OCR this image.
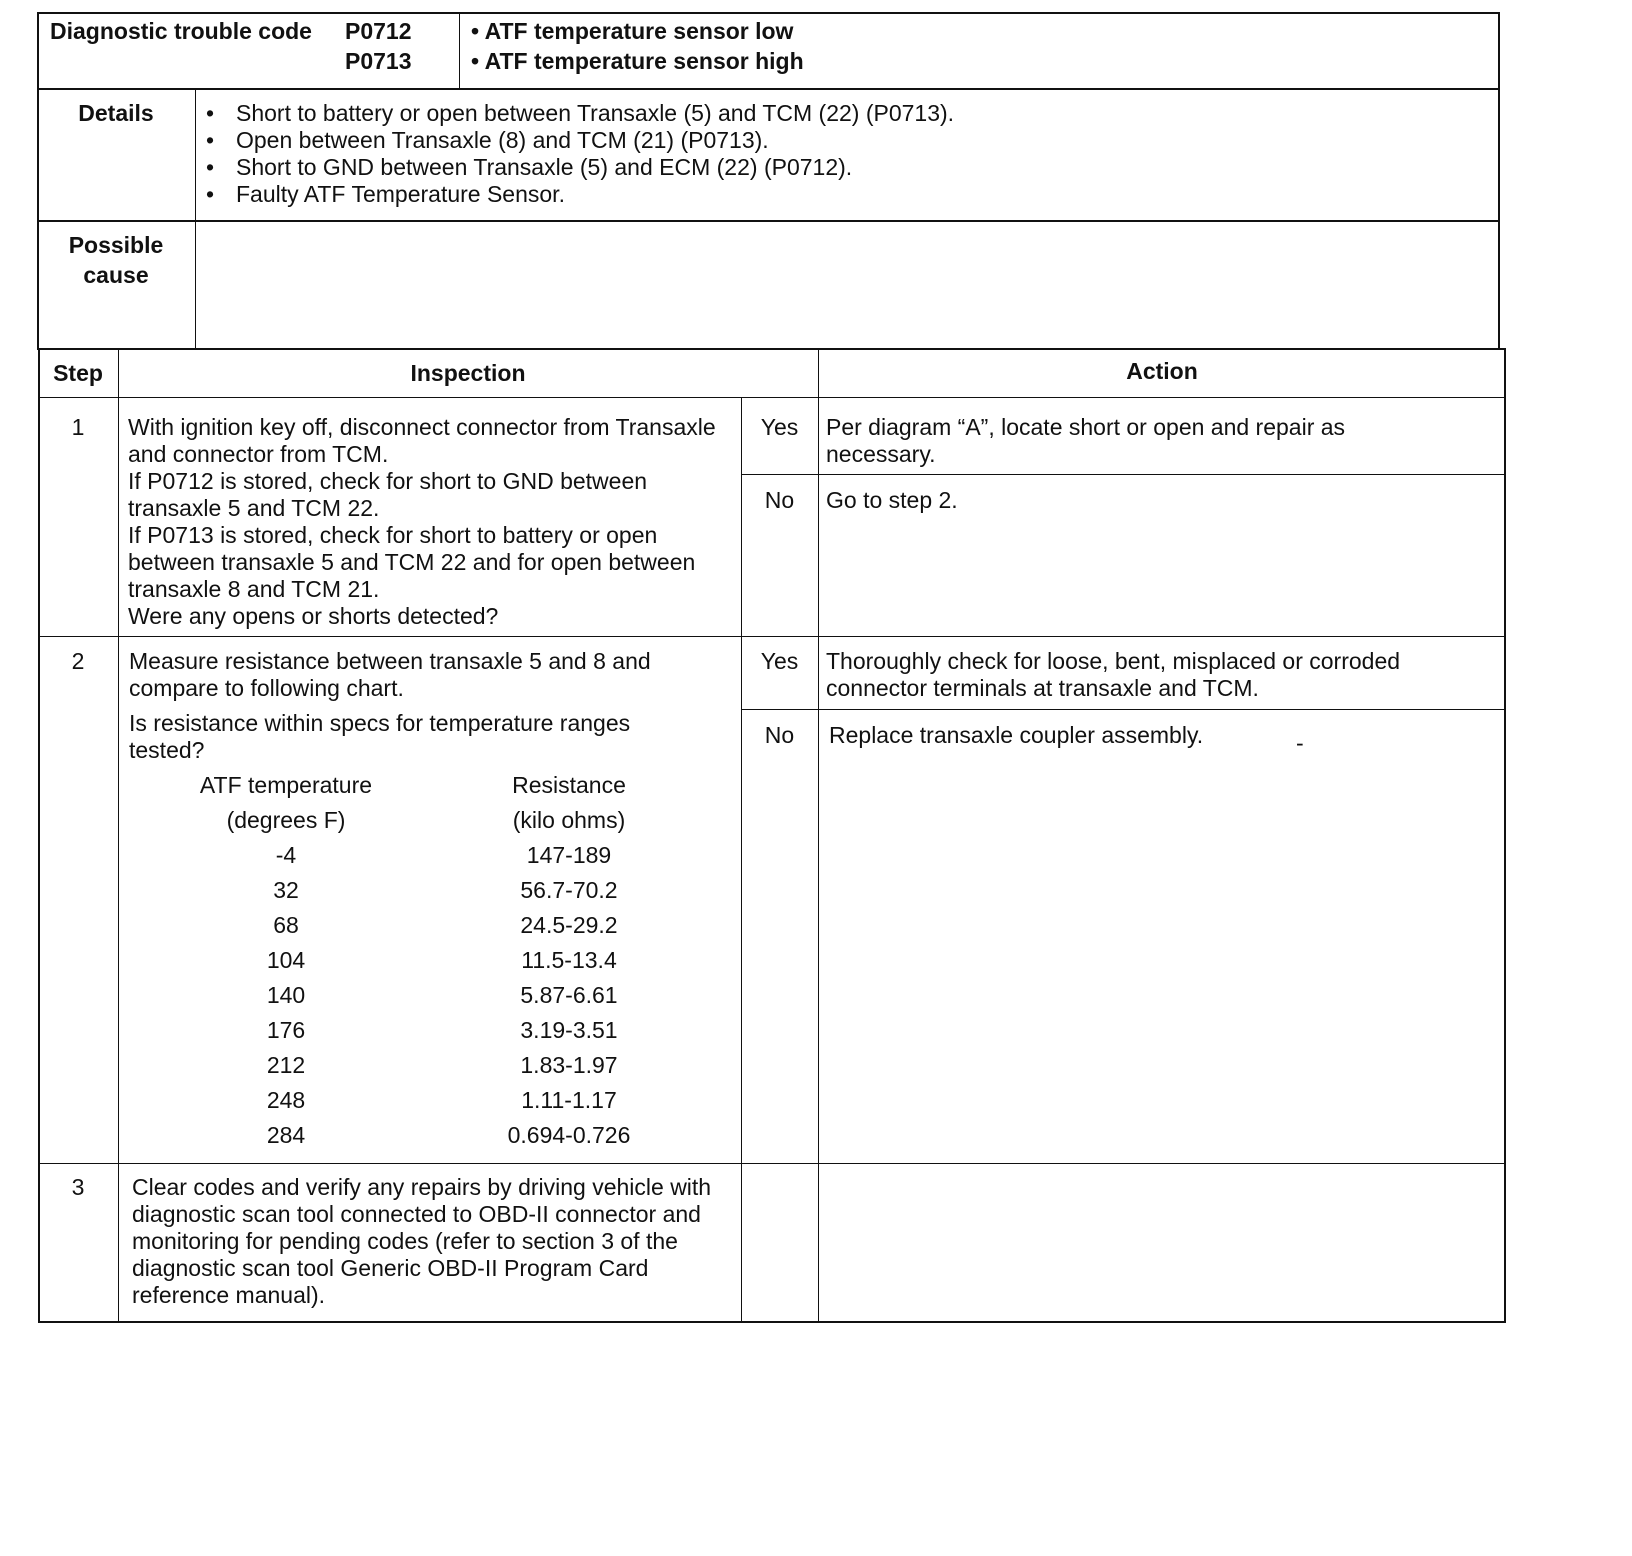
Diagnostic trouble code P0712
P0713
• ATF temperature sensor low
• ATF temperature sensor high
Details
•	Short to battery or open between Transaxle (5) and TCM (22) (P0713).
• Open between Transaxle (8) and TCM (21) (P0713).
• Short to GND between Transaxle (5) and ECM (22) (P0712).
• Faulty ATF Temperature Sensor.
Possible
cause
Step	Inspection	Action
1	With ignition key off, disconnect connector from Transaxle and connector from TCM.
If P0712 is stored, check for short to GND between transaxle 5 and TCM 22.
If P0713 is stored, check for short to battery or open between transaxle 5 and TCM 22 and for open between transaxle 8 and TCM 21.
Were any opens or shorts detected?

Yes	Per diagram “A”, locate short or open and repair as necessary.

No	Go to step 2.

2	Measure resistance between transaxle 5 and 8 and compare to following chart.

Is resistance within specs for temperature ranges tested?

ATF temperature	Resistance
(degrees F)	(kilo ohms)
-4	147-189
32	56.7-70.2
68	24.5-29.2
104	11.5-13.4
140	5.87-6.61
176	3.19-3.51
212	1.83-1.97
248	1.11-1.17
284	0.694-0.726
Yes	Thoroughly check for loose, bent, misplaced or corroded connector terminals at transaxle and TCM.

No	Replace transaxle coupler assembly.	-
3	Clear codes and verify any repairs by driving vehicle with diagnostic scan tool connected to OBD-II connector and monitoring for pending codes (refer to section 3 of the diagnostic scan tool Generic OBD-II Program Card reference manual).
